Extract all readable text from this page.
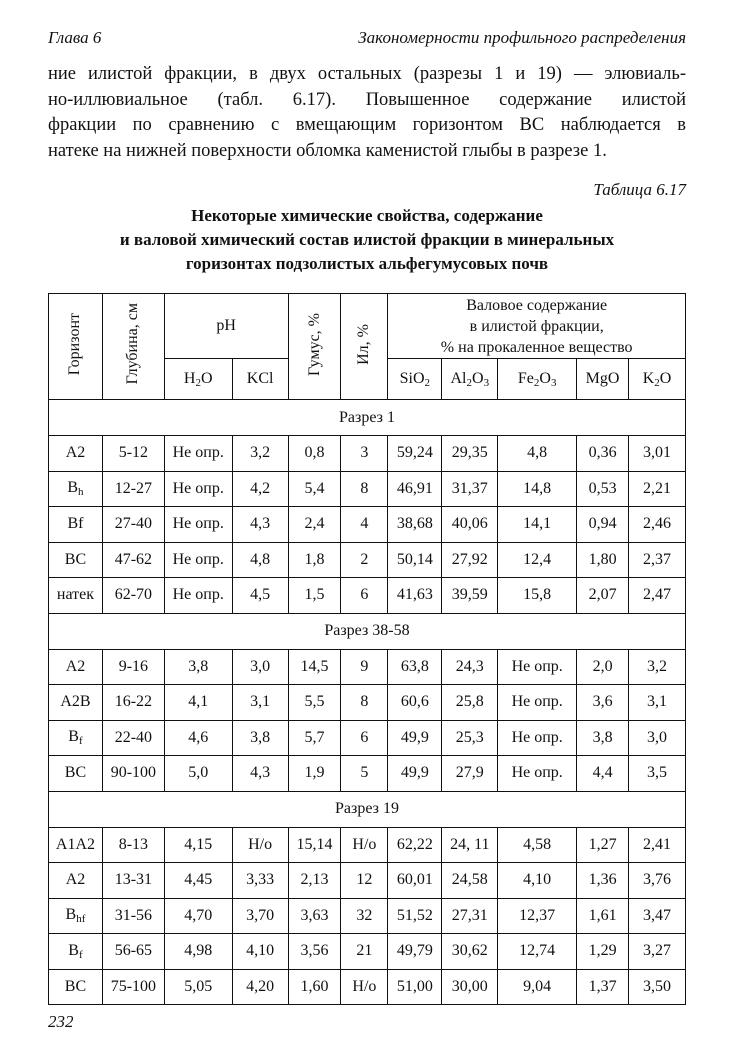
Глава 6	Закономерности профильного распределения
ние илистой фракции, в двух остальных (разрезы 1 и 19) — элювиаль-
но-иллювиальное (табл. 6.17). Повышенное содержание илистой
фракции по сравнению с вмещающим горизонтом ВС наблюдается в
натеке на нижней поверхности обломка каменистой глыбы в разрезе 1.
Таблица 6.17
Некоторые химические свойства, содержание
и валовой химический состав илистой фракции в минеральных
горизонтах подзолистых альфегумусовых почв
Горизонт	Глубина, см	pH		Гумус, %	Ил, %	Валовое содержание
в илистой фракции,
% на прокаленное вещество				

		$H_2O$	KCl			SiO$_2$	$Al_2O_3$	$Fe_2O_3$	MgO	$K_2O$
Разрез 1										
A2	5-12	Не опр.	3,2	0,8	3	59,24	29,35	4,8	0,36	3,01
$B_h$	12-27	Не опр.	4,2	5,4	8	46,91	31,37	14,8	0,53	2,21
Bf	27-40	Не опр.	4,3	2,4	4	38,68	40,06	14,1	0,94	2,46
BC	47-62	Не опр.	4,8	1,8	2	50,14	27,92	12,4	1,80	2,37
натек	62-70	Не опр.	4,5	1,5	6	41,63	39,59	15,8	2,07	2,47
Разрез 38-58										
A2	9-16	3,8	3,0	14,5	9	63,8	24,3	Не опр.	2,0	3,2
A2B	16-22	4,1	3,1	5,5	8	60,6	25,8	Не опр.	3,6	3,1
$B_f$	22-40	4,6	3,8	5,7	6	49,9	25,3	Не опр.	3,8	3,0
BC	90-100	5,0	4,3	1,9	5	49,9	27,9	Не опр.	4,4	3,5
Разрез 19										
A1A2	8-13	4,15	Н/о	15,14	Н/о	62,22	24, 11	4,58	1,27	2,41
A2	13-31	4,45	3,33	2,13	12	60,01	24,58	4,10	1,36	3,76
$B_{hf}$	31-56	4,70	3,70	3,63	32	51,52	27,31	12,37	1,61	3,47
$B_f$	56-65	4,98	4,10	3,56	21	49,79	30,62	12,74	1,29	3,27
BC	75-100	5,05	4,20	1,60	Н/о	51,00	30,00	9,04	1,37	3,50
232
